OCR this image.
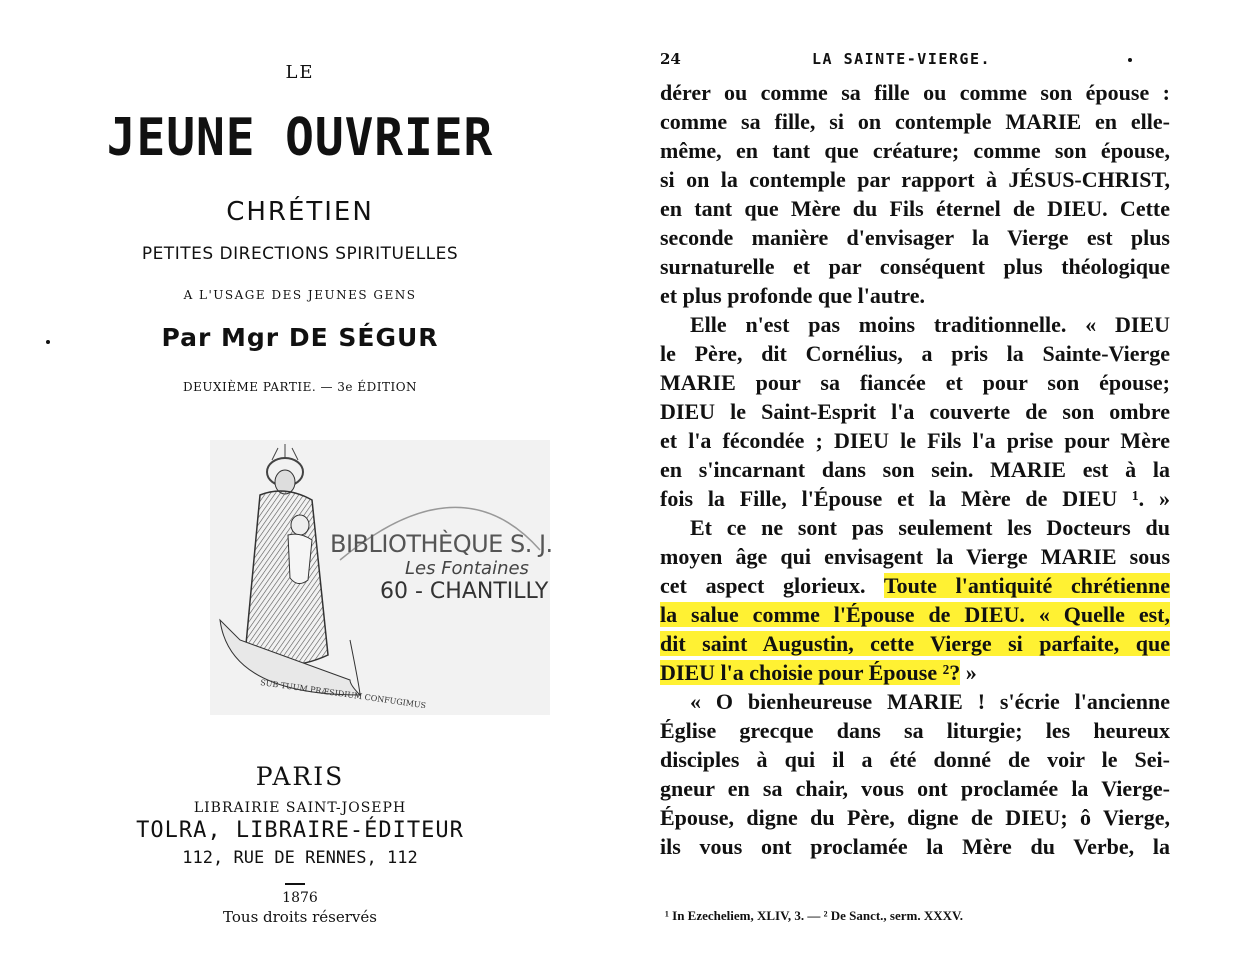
LE
JEUNE OUVRIER
CHRÉTIEN
PETITES DIRECTIONS SPIRITUELLES
A L'USAGE DES JEUNES GENS
Par Mgr DE SÉGUR
DEUXIÈME PARTIE. — 3e ÉDITION
SUB TUUM PRÆSIDIUM CONFUGIMUS
BIBLIOTHÈQUE S. J.
Les Fontaines
60 - CHANTILLY
PARIS
LIBRAIRIE SAINT-JOSEPH
TOLRA, LIBRAIRE-ÉDITEUR
112, RUE DE RENNES, 112
1876
Tous droits réservés
24	LA SAINTE-VIERGE.
dérer ou comme sa fille ou comme son épouse :
comme sa fille, si on contemple MARIE en elle-
même, en tant que créature; comme son épouse,
si on la contemple par rapport à JÉSUS-CHRIST,
en tant que Mère du Fils éternel de DIEU. Cette
seconde manière d'envisager la Vierge est plus
surnaturelle et par conséquent plus théologique
et plus profonde que l'autre.
Elle n'est pas moins traditionnelle. « DIEU
le Père, dit Cornélius, a pris la Sainte-Vierge
MARIE pour sa fiancée et pour son épouse;
DIEU le Saint-Esprit l'a couverte de son ombre
et l'a fécondée ; DIEU le Fils l'a prise pour Mère
en s'incarnant dans son sein. MARIE est à la
fois la Fille, l'Épouse et la Mère de DIEU ¹. »
Et ce ne sont pas seulement les Docteurs du
moyen âge qui envisagent la Vierge MARIE sous
cet aspect glorieux. Toute l'antiquité chrétienne
la salue comme l'Épouse de DIEU. « Quelle est,
dit saint Augustin, cette Vierge si parfaite, que
DIEU l'a choisie pour Épouse ²? »
« O bienheureuse MARIE ! s'écrie l'ancienne
Église grecque dans sa liturgie; les heureux
disciples à qui il a été donné de voir le Sei-
gneur en sa chair, vous ont proclamée la Vierge-
Épouse, digne du Père, digne de DIEU; ô Vierge,
ils vous ont proclamée la Mère du Verbe, la
¹ In Ezecheliem, XLIV, 3. — ² De Sanct., serm. XXXV.
